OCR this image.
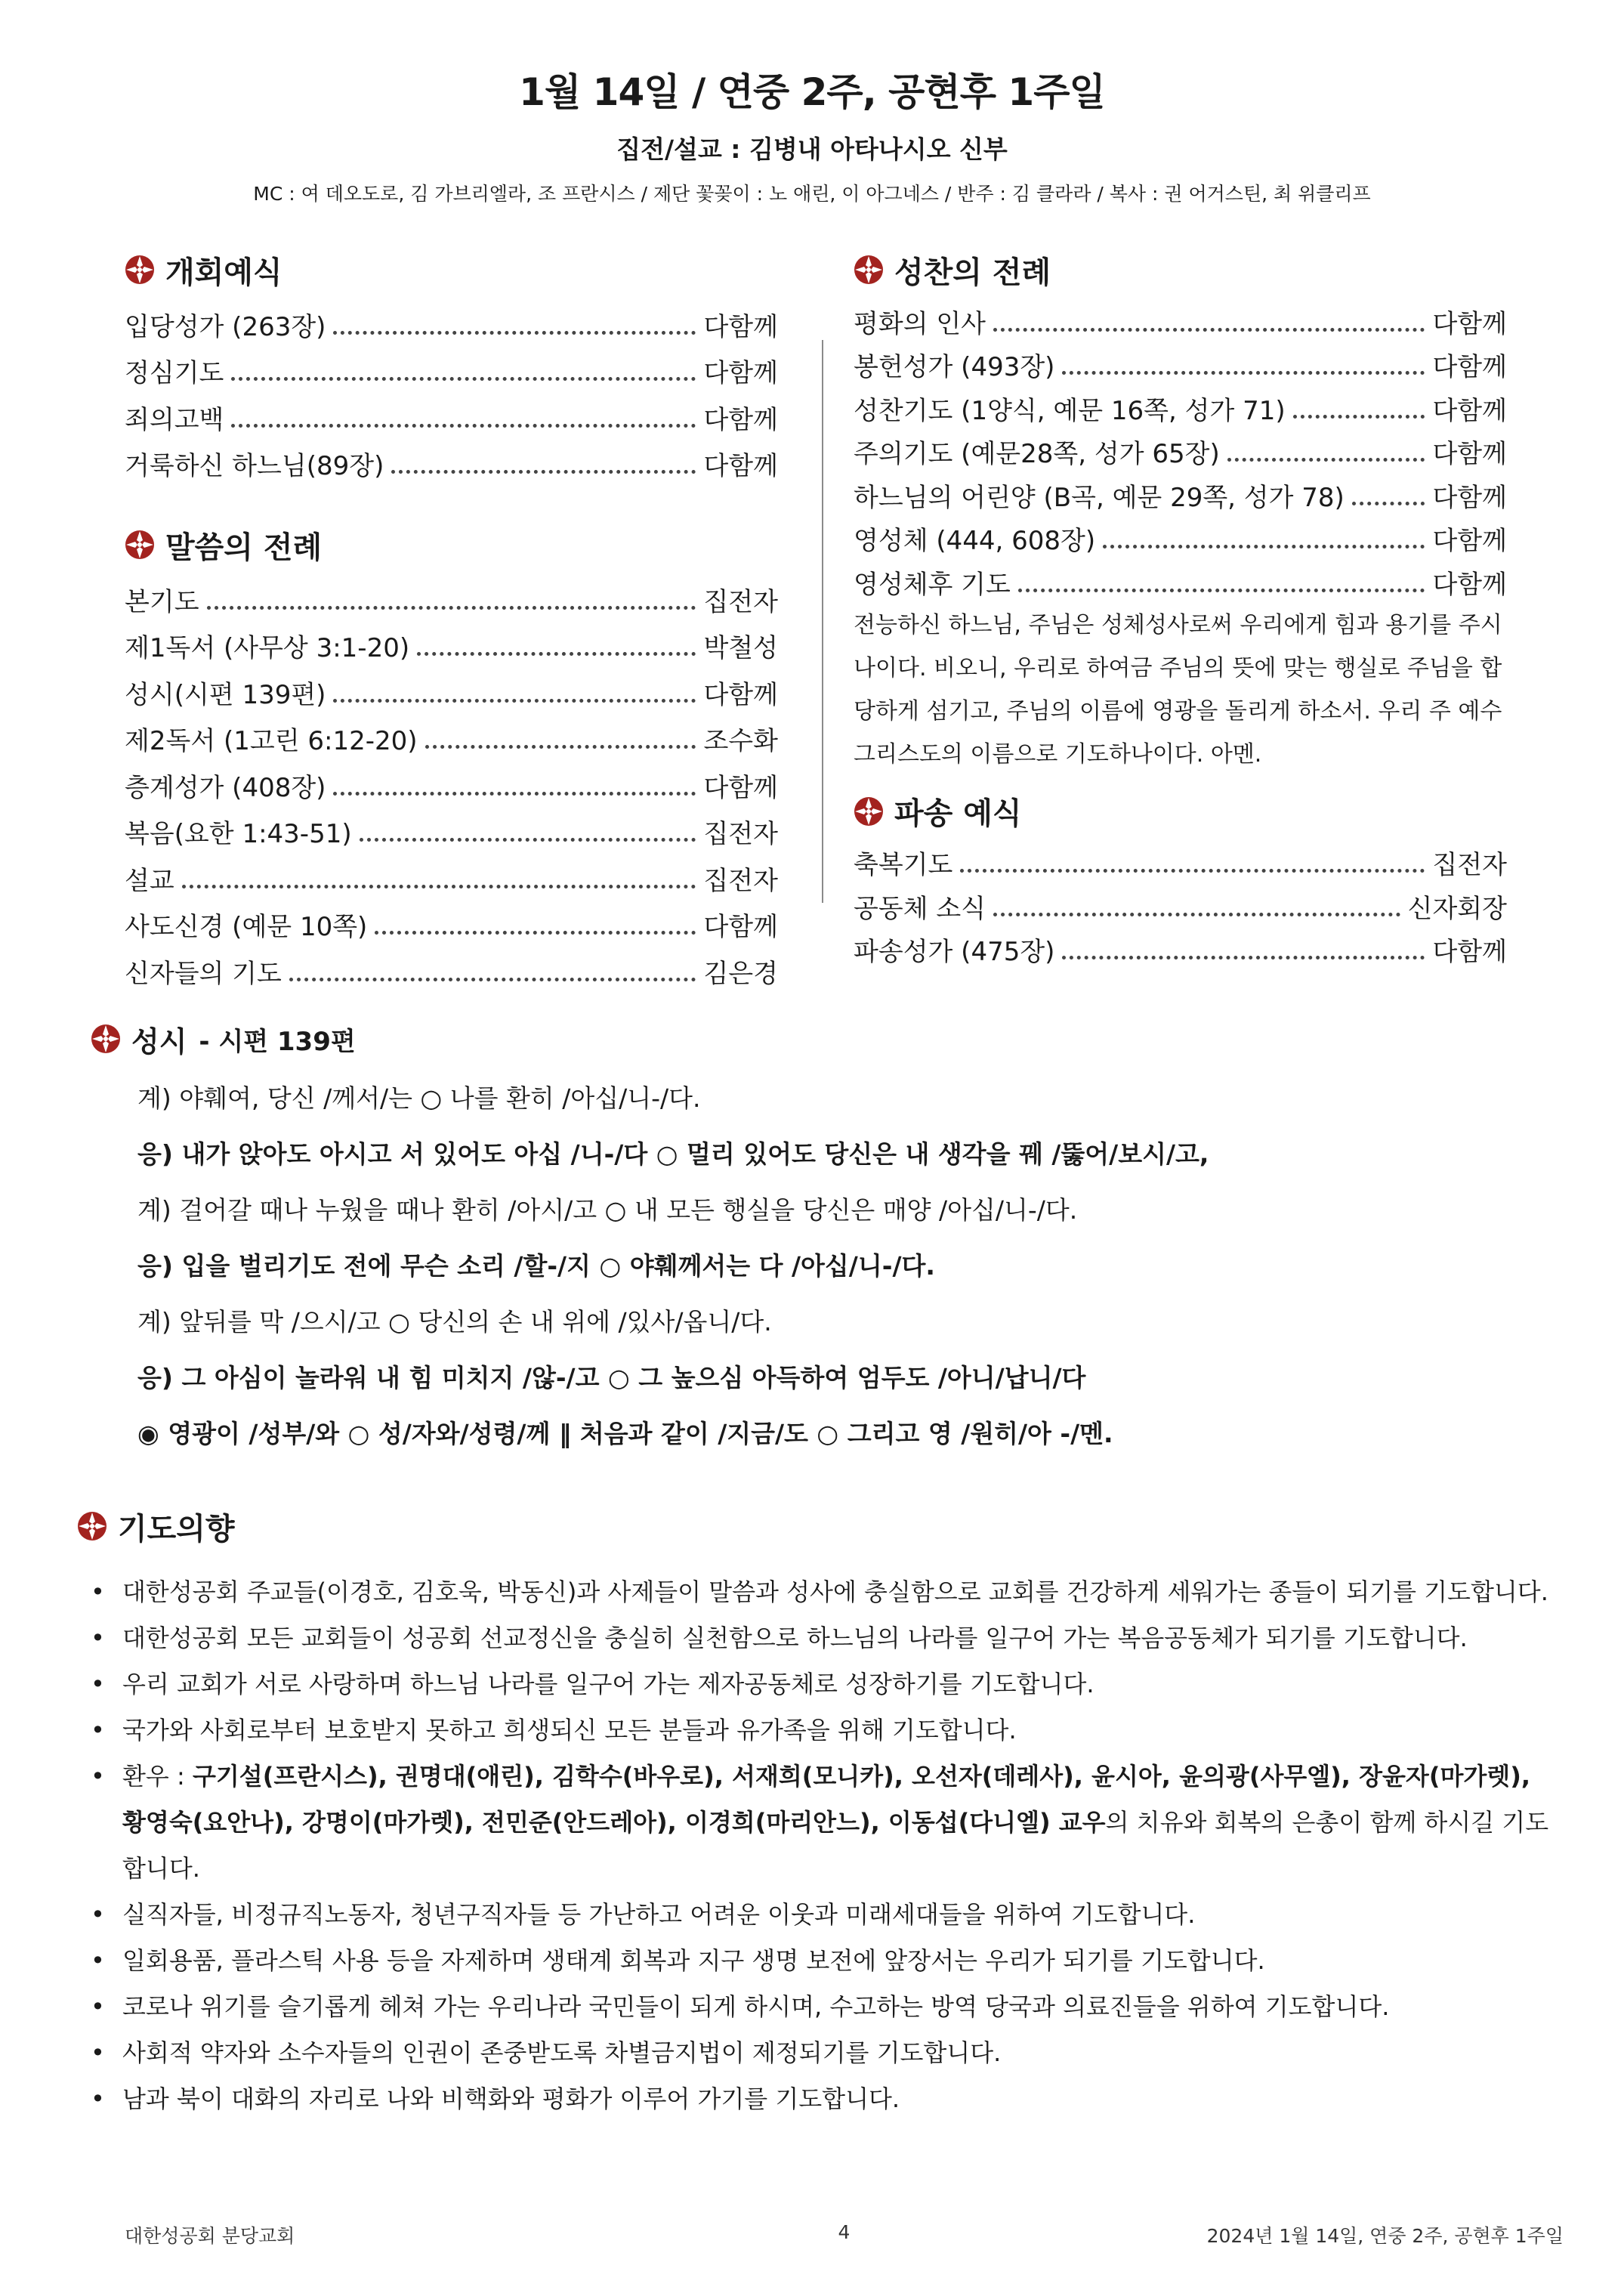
1월 14일 / 연중 2주, 공현후 1주일
집전/설교 : 김병내 아타나시오 신부
MC : 여 데오도로, 김 가브리엘라, 조 프란시스 / 제단 꽃꽂이 : 노 애린, 이 아그네스 / 반주 : 김 클라라 / 복사 : 권 어거스틴, 최 위클리프
개회예식
입당성가 (263장)	다함께
정심기도	다함께
죄의고백	다함께
거룩하신 하느님(89장)	다함께
말씀의 전례
본기도	집전자
제1독서 (사무상 3:1-20)	박철성
성시(시편 139편)	다함께
제2독서 (1고린 6:12-20)	조수화
층계성가 (408장)	다함께
복음(요한 1:43-51)	집전자
설교	집전자
사도신경 (예문 10쪽)	다함께
신자들의 기도	김은경
성찬의 전례
평화의 인사	다함께
봉헌성가 (493장)	다함께
성찬기도 (1양식, 예문 16쪽, 성가 71)	다함께
주의기도 (예문28쪽, 성가 65장)	다함께
하느님의 어린양 (B곡, 예문 29쪽, 성가 78)	다함께
영성체 (444, 608장)	다함께
영성체후 기도	다함께

전능하신 하느님, 주님은 성체성사로써 우리에게 힘과 용기를 주시나이다. 비오니, 우리로 하여금 주님의 뜻에 맞는 행실로 주님을 합당하게 섬기고, 주님의 이름에 영광을 돌리게 하소서. 우리 주 예수 그리스도의 이름으로 기도하나이다. 아멘.

파송 예식
축복기도	집전자
공동체 소식	신자회장
파송성가 (475장)	다함께
성시 - 시편 139편
계) 야훼여, 당신 /께서/는 ○ 나를 환히 /아십/니-/다.
응) 내가 앉아도 아시고 서 있어도 아십 /니-/다 ○ 멀리 있어도 당신은 내 생각을 꿰 /뚫어/보시/고,
계) 걸어갈 때나 누웠을 때나 환히 /아시/고 ○ 내 모든 행실을 당신은 매양 /아십/니-/다.
응) 입을 벌리기도 전에 무슨 소리 /할-/지 ○ 야훼께서는 다 /아십/니-/다.
계) 앞뒤를 막 /으시/고 ○ 당신의 손 내 위에 /있사/옵니/다.
응) 그 아심이 놀라워 내 힘 미치지 /않-/고 ○ 그 높으심 아득하여 엄두도 /아니/납니/다
◉ 영광이 /성부/와 ○ 성/자와/성령/께 ‖ 처음과 같이 /지금/도 ○ 그리고 영 /원히/아 -/멘.
기도의향
• 대한성공회 주교들(이경호, 김호욱, 박동신)과 사제들이 말씀과 성사에 충실함으로 교회를 건강하게 세워가는 종들이 되기를 기도합니다.
• 대한성공회 모든 교회들이 성공회 선교정신을 충실히 실천함으로 하느님의 나라를 일구어 가는 복음공동체가 되기를 기도합니다.
• 우리 교회가 서로 사랑하며 하느님 나라를 일구어 가는 제자공동체로 성장하기를 기도합니다.
• 국가와 사회로부터 보호받지 못하고 희생되신 모든 분들과 유가족을 위해 기도합니다.
• 환우 : 구기설(프란시스), 권명대(애린), 김학수(바우로), 서재희(모니카), 오선자(데레사), 윤시아, 윤의광(사무엘), 장윤자(마가렛), 황영숙(요안나), 강명이(마가렛), 전민준(안드레아), 이경희(마리안느), 이동섭(다니엘) 교우의 치유와 회복의 은총이 함께 하시길 기도합니다.
• 실직자들, 비정규직노동자, 청년구직자들 등 가난하고 어려운 이웃과 미래세대들을 위하여 기도합니다.
• 일회용품, 플라스틱 사용 등을 자제하며 생태계 회복과 지구 생명 보전에 앞장서는 우리가 되기를 기도합니다.
• 코로나 위기를 슬기롭게 헤쳐 가는 우리나라 국민들이 되게 하시며, 수고하는 방역 당국과 의료진들을 위하여 기도합니다.
• 사회적 약자와 소수자들의 인권이 존중받도록 차별금지법이 제정되기를 기도합니다.
• 남과 북이 대화의 자리로 나와 비핵화와 평화가 이루어 가기를 기도합니다.
대한성공회 분당교회	4	2024년 1월 14일, 연중 2주, 공현후 1주일
